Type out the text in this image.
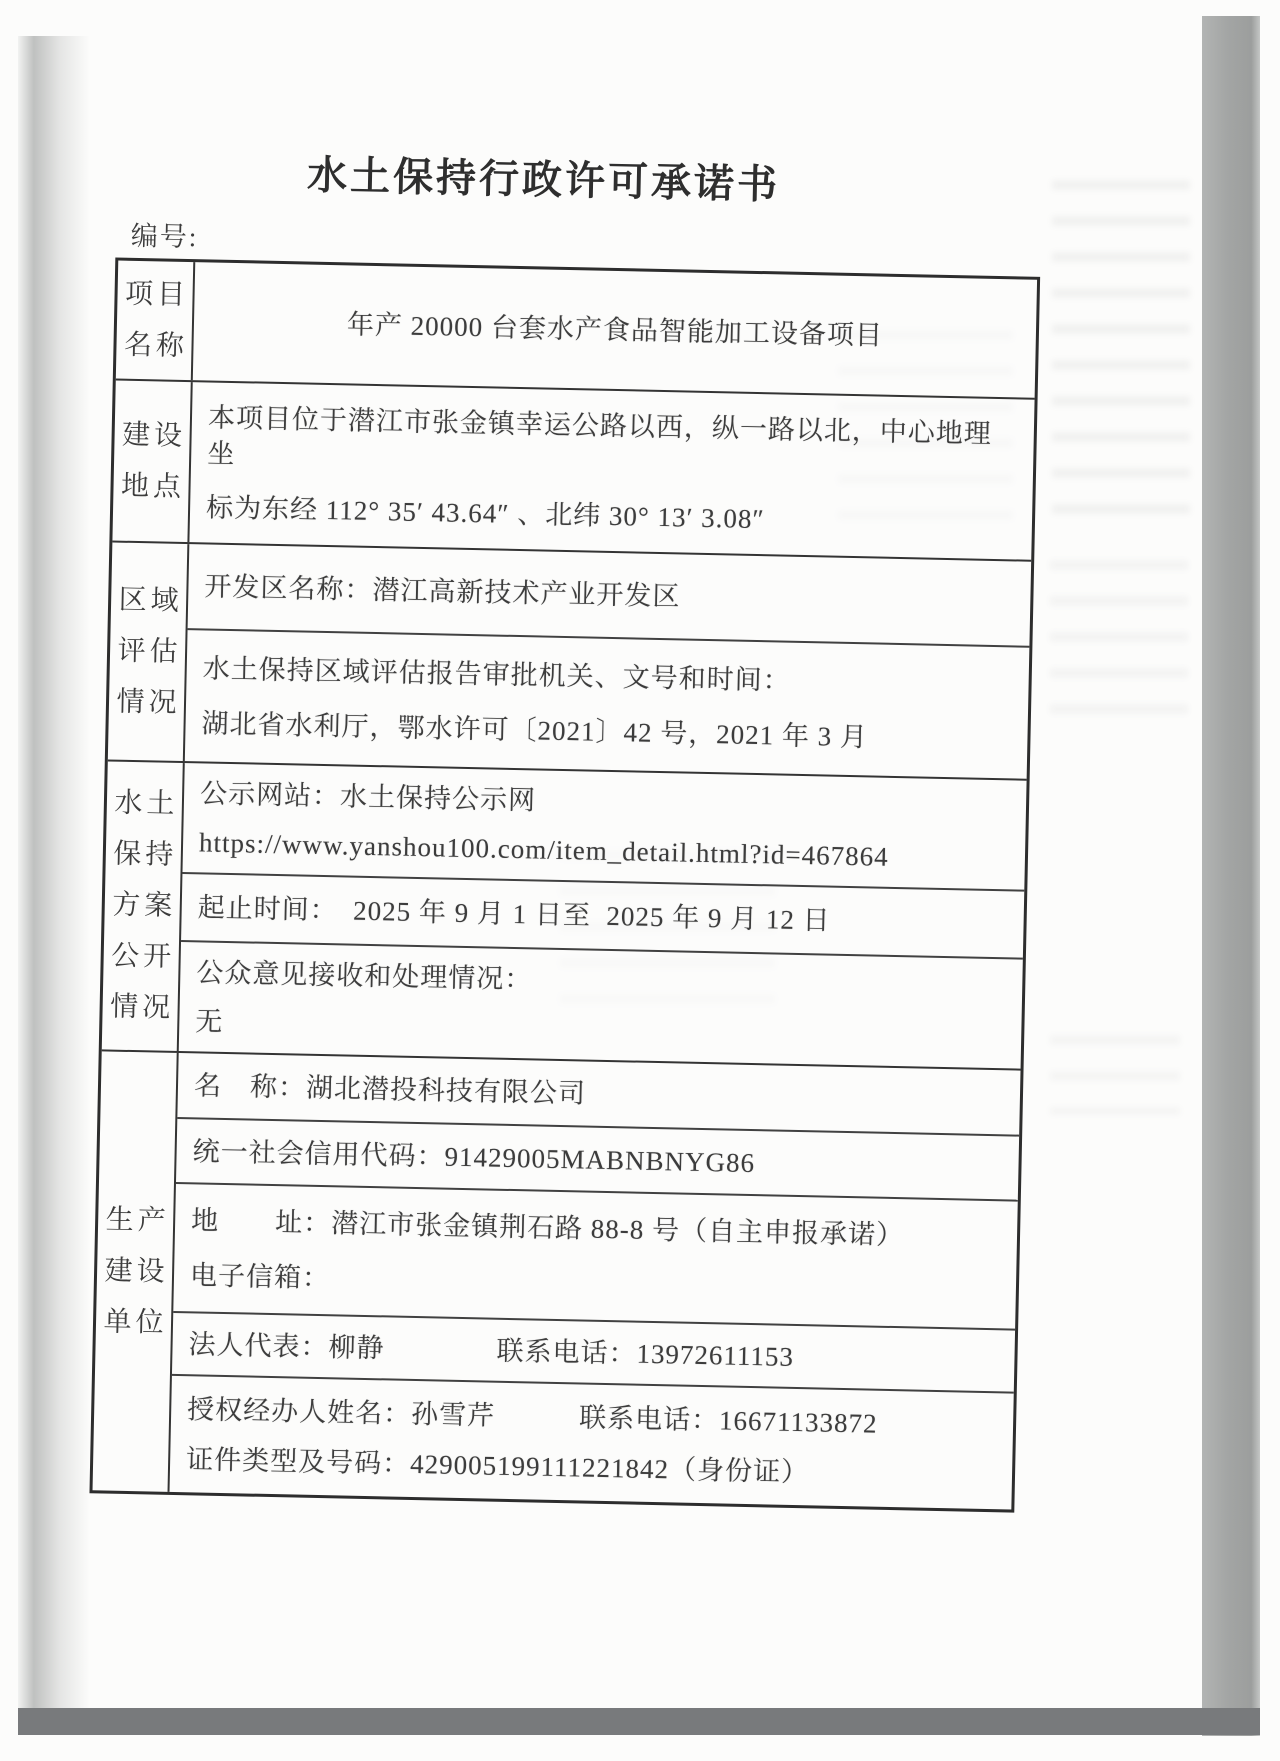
水土保持行政许可承诺书
编号:
项目
名称	年产 20000 台套水产食品智能加工设备项目
建设
地点
本项目位于潜江市张金镇幸运公路以西，纵一路以北，中心地理坐
标为东经 112° 35′ 43.64″ 、北纬 30° 13′ 3.08″
区域
评估
情况
开发区名称：潜江高新技术产业开发区
水土保持区域评估报告审批机关、文号和时间：
湖北省水利厅，鄂水许可〔2021〕42 号，2021 年 3 月
水土
保持
方案
公开
情况
公示网站：水土保持公示网
https://www.yanshou100.com/item_detail.html?id=467864
起止时间：  2025 年 9 月 1 日至  2025 年 9 月 12 日
公众意见接收和处理情况：
无
生产
建设
单位
名　称：湖北潜投科技有限公司
统一社会信用代码：91429005MABNBNYG86
地　　址：潜江市张金镇荆石路 88-8 号（自主申报承诺）
电子信箱：
法人代表：柳静　　　　联系电话：13972611153
授权经办人姓名：孙雪芹　　　联系电话：16671133872
证件类型及号码：429005199111221842（身份证）
